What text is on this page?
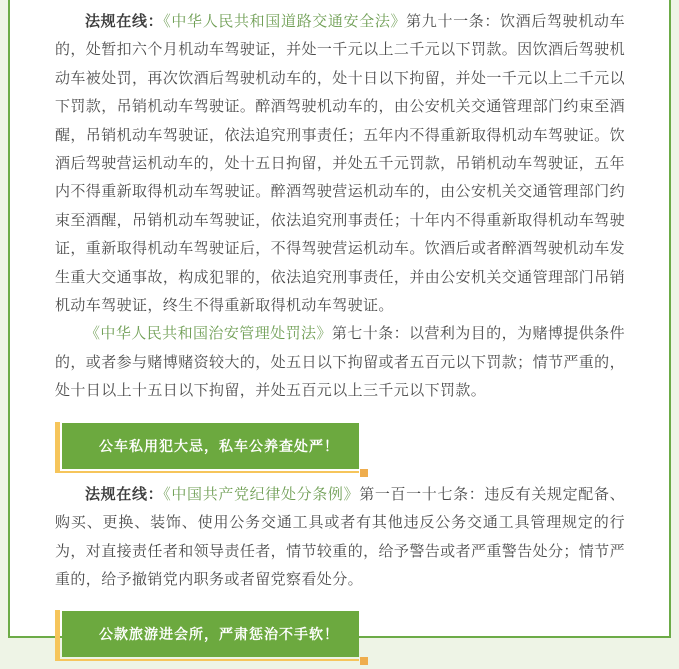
法规在线：《中华人民共和国道路交通安全法》第九十一条：饮酒后驾驶机动车的，处暂扣六个月机动车驾驶证，并处一千元以上二千元以下罚款。因饮酒后驾驶机动车被处罚，再次饮酒后驾驶机动车的，处十日以下拘留，并处一千元以上二千元以下罚款，吊销机动车驾驶证。醉酒驾驶机动车的，由公安机关交通管理部门约束至酒醒，吊销机动车驾驶证，依法追究刑事责任；五年内不得重新取得机动车驾驶证。饮酒后驾驶营运机动车的，处十五日拘留，并处五千元罚款，吊销机动车驾驶证，五年内不得重新取得机动车驾驶证。醉酒驾驶营运机动车的，由公安机关交通管理部门约束至酒醒，吊销机动车驾驶证，依法追究刑事责任；十年内不得重新取得机动车驾驶证，重新取得机动车驾驶证后，不得驾驶营运机动车。饮酒后或者醉酒驾驶机动车发生重大交通事故，构成犯罪的，依法追究刑事责任，并由公安机关交通管理部门吊销机动车驾驶证，终生不得重新取得机动车驾驶证。

《中华人民共和国治安管理处罚法》第七十条：以营利为目的，为赌博提供条件的，或者参与赌博赌资较大的，处五日以下拘留或者五百元以下罚款；情节严重的，处十日以上十五日以下拘留，并处五百元以上三千元以下罚款。

公车私用犯大忌，私车公养查处严！

法规在线：《中国共产党纪律处分条例》第一百一十七条：违反有关规定配备、购买、更换、装饰、使用公务交通工具或者有其他违反公务交通工具管理规定的行为，对直接责任者和领导责任者，情节较重的，给予警告或者严重警告处分；情节严重的，给予撤销党内职务或者留党察看处分。

公款旅游进会所，严肃惩治不手软！
